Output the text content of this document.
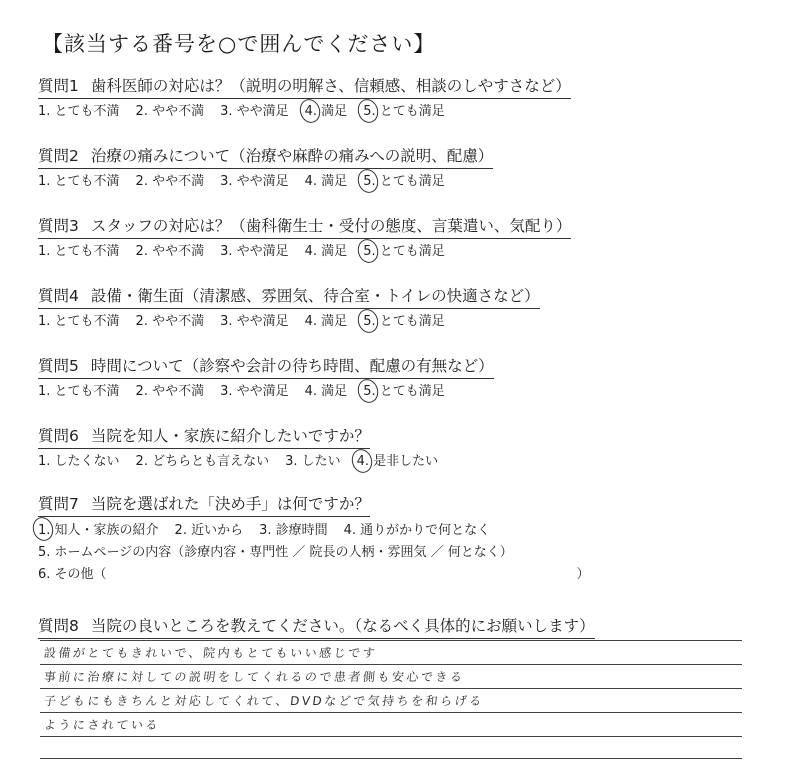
【該当する番号を○で囲んでください】
質問1 歯科医師の対応は？（説明の明解さ、信頼感、相談のしやすさなど）
1. とても不満 2. やや不満 3. やや満足 4. 満足 5. とても満足
質問2 治療の痛みについて（治療や麻酔の痛みへの説明、配慮）
1. とても不満 2. やや不満 3. やや満足 4. 満足 5. とても満足
質問3 スタッフの対応は？（歯科衛生士・受付の態度、言葉遣い、気配り）
1. とても不満 2. やや不満 3. やや満足 4. 満足 5. とても満足
質問4 設備・衛生面（清潔感、雰囲気、待合室・トイレの快適さなど）
1. とても不満 2. やや不満 3. やや満足 4. 満足 5. とても満足
質問5 時間について（診察や会計の待ち時間、配慮の有無など）
1. とても不満 2. やや不満 3. やや満足 4. 満足 5. とても満足
質問6 当院を知人・家族に紹介したいですか？
1. したくない 2. どちらとも言えない 3. したい 4. 是非したい
質問7 当院を選ばれた「決め手」は何ですか？
1. 知人・家族の紹介 2. 近いから 3. 診療時間 4. 通りがかりで何となく
5. ホームページの内容（診療内容・専門性 ／ 院長の人柄・雰囲気 ／ 何となく）
6. その他（	）
質問8 当院の良いところを教えてください。（なるべく具体的にお願いします）
設備がとてもきれいで、院内もとてもいい感じです
事前に治療に対しての説明をしてくれるので患者側も安心できる
子どもにもきちんと対応してくれて、DVDなどで気持ちを和らげる
ようにされている
